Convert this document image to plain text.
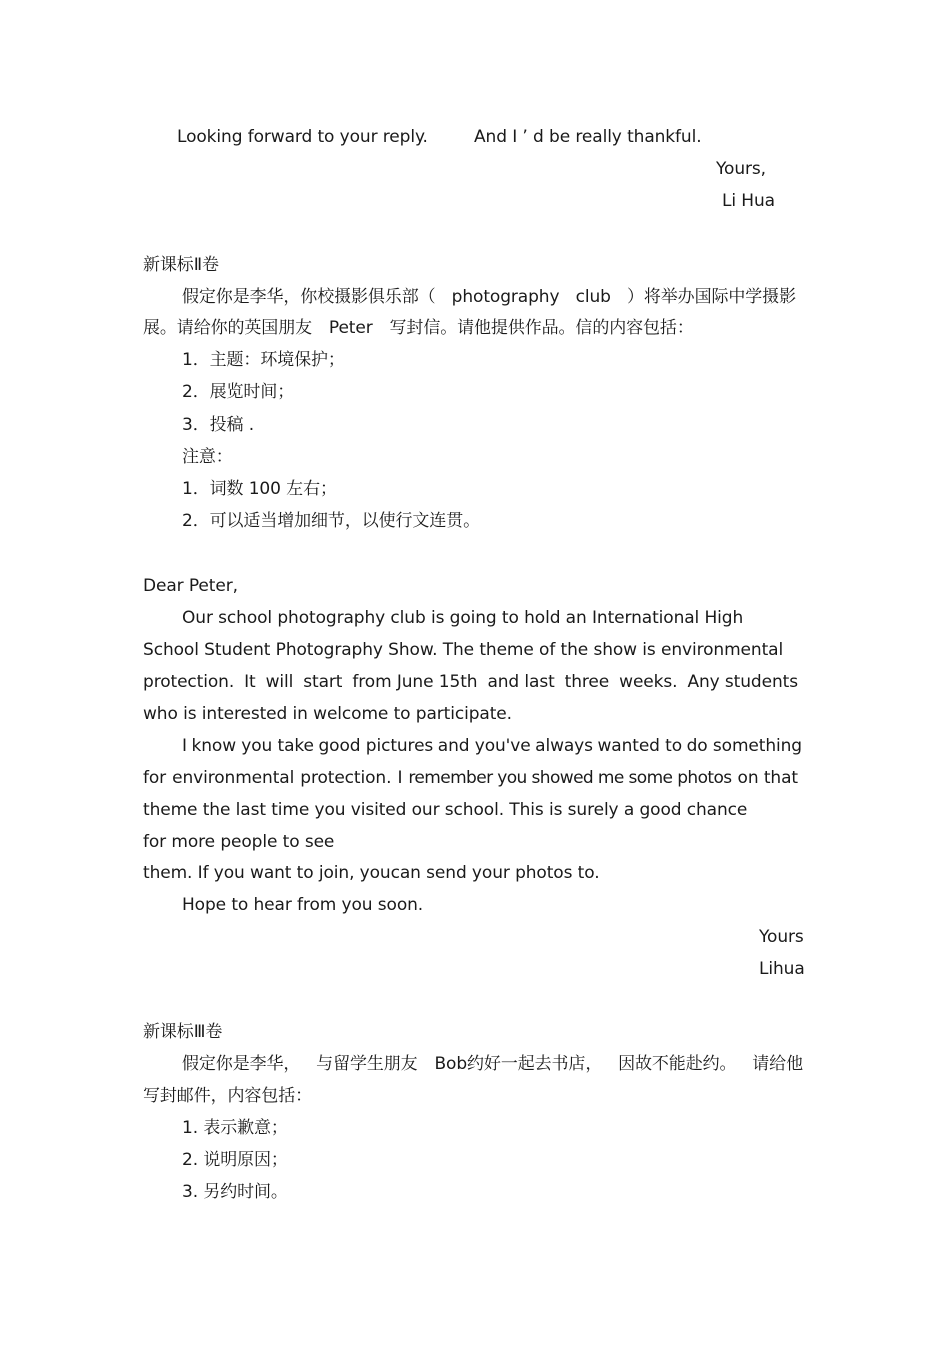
Looking forward to your reply.	And I ’ d be really thankful.
Yours,
Li Hua
新课标Ⅱ卷
假定你是李华，你校摄影俱乐部（ photography club ）将举办国际中学摄影
展。请给你的英国朋友　Peter　写封信。请他提供作品。信的内容包括：
1．主题：环境保护；
2．展览时间；
3．投稿 .
注意：
1．词数 100 左右；
2．可以适当增加细节，以使行文连贯。
Dear Peter,
Our school photography club is going to hold an International High
School Student Photography Show. The theme of the show is environmental
protection. It will start from June 15th and last three weeks. Any students
who is interested in welcome to participate.
I know you take good pictures and you've always wanted to do something
for environmental protection. I remember you showed me some photos on that
theme the last time you visited our school. This is surely a good chance
for more people to see
them. If you want to join, youcan send your photos to.
Hope to hear from you soon.
Yours
Lihua
新课标Ⅲ卷
假定你是李华， 与留学生朋友　Bob约好一起去书店， 因故不能赴约。 请给他
写封邮件，内容包括：
1. 表示歉意；
2. 说明原因；
3. 另约时间。
